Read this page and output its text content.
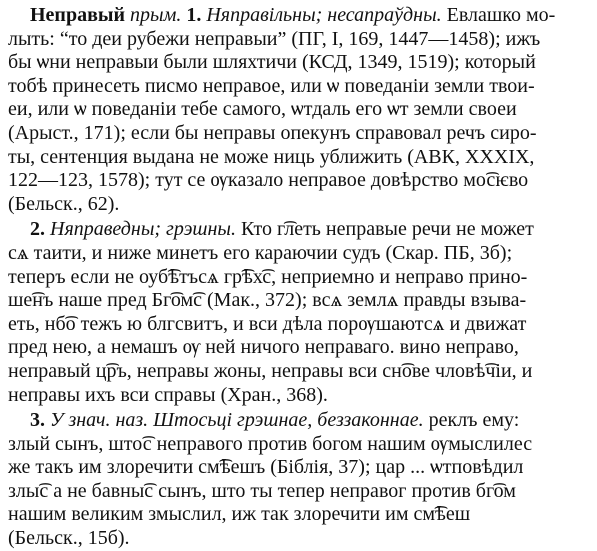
Неправый прым. 1. Няправільны; несапраўдны. Евлашко мо-
лыть: “то деи рубежи неправыи” (ПГ, I, 169, 1447—1458); ижъ
бы ѡни неправыи были шляхтичи (КСД, 1349, 1519); который
тобѣ принесеть писмо неправое, или ѡ поведаніи земли твои-
еи, или ѡ поведаніи тебе самого, ѡтдаль его ѡт земли своеи
(Арыст., 171); если бы неправы опекунъ справовал речъ сиро-
ты, сентенция выдана не може ниць уближить (АВК, XXXIX,
122—123, 1578); тут се ѹказало неправое довѣрство мо͡сѥво
(Бельск., 62).
2. Няправедны; грэшны. Кто г͡леть неправые речи не может
сѧ таити, и ниже минетъ его караючии судъ (Скар. ПБ, 3б);
теперъ если не оуб͡ѣтъсѧ гр͡ѣх͡с, неприемно и неправо прино-
ше͡нъ наше пред Бг͡ом͡с (Мак., 372); всѧ землѧ правды взыва-
еть, нб͡о тежъ ю блгсвитъ, и вси дѣла порѹшаютсѧ и движат
пред нею, а немашъ ѹ ней ничого неправаго. вино неправо,
неправый ц͡ръ, неправы жоны, неправы вси сн͡ове чловѣ͡чіи, и
неправы ихъ вси справы (Хран., 368).
3. У знач. наз. Штосьці грэшнае, беззаконнае. реклъ ему:
злый сынъ, што͡с неправого против богом нашим ѹмыслилес
же такъ им злоречити см͡ѣешъ (Біблія, 37); цар ... ѡтповѣдил
злы͡с а не бавны͡с сынъ, што ты тепер неправог против бг͡ом
нашим великим змыслил, иж так злоречити им см͡ѣеш
(Бельск., 15б).
